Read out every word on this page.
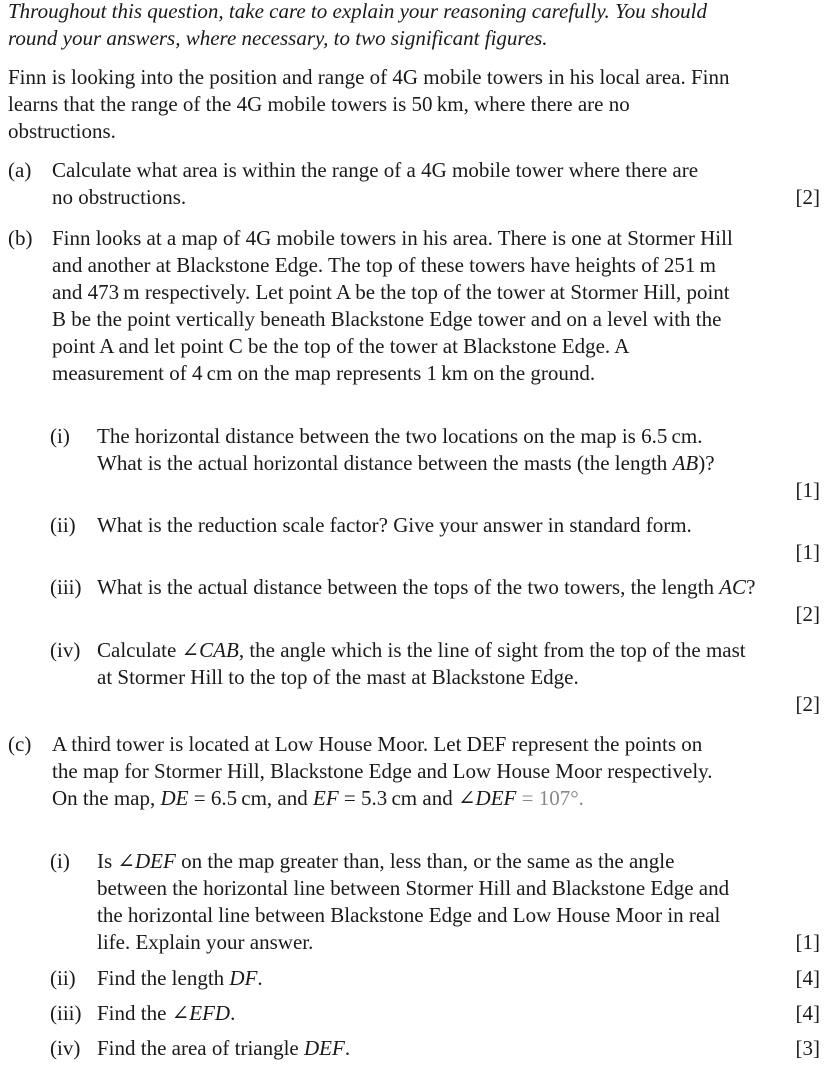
Throughout this question, take care to explain your reasoning carefully. You should round your answers, where necessary, to two significant figures.

Finn is looking into the position and range of 4G mobile towers in his local area. Finn learns that the range of the 4G mobile towers is 50 km, where there are no obstructions.

(a) Calculate what area is within the range of a 4G mobile tower where there are no obstructions.	[2]
(b) Finn looks at a map of 4G mobile towers in his area. There is one at Stormer Hill and another at Blackstone Edge. The top of these towers have heights of 251 m and 473 m respectively. Let point A be the top of the tower at Stormer Hill, point B be the point vertically beneath Blackstone Edge tower and on a level with the point A and let point C be the top of the tower at Blackstone Edge. A measurement of 4 cm on the map represents 1 km on the ground.
(i) The horizontal distance between the two locations on the map is 6.5 cm. What is the actual horizontal distance between the masts (the length AB)?
[1]
(ii) What is the reduction scale factor? Give your answer in standard form.
[1]
(iii) What is the actual distance between the tops of the two towers, the length AC?
[2]
(iv) Calculate ∠CAB, the angle which is the line of sight from the top of the mast at Stormer Hill to the top of the mast at Blackstone Edge.
[2]
(c) A third tower is located at Low House Moor. Let DEF represent the points on the map for Stormer Hill, Blackstone Edge and Low House Moor respectively. On the map, DE = 6.5 cm, and EF = 5.3 cm and ∠DEF = 107°.
(i) Is ∠DEF on the map greater than, less than, or the same as the angle between the horizontal line between Stormer Hill and Blackstone Edge and the horizontal line between Blackstone Edge and Low House Moor in real life. Explain your answer.	[1]
(ii) Find the length DF.	[4]
(iii) Find the ∠EFD.	[4]
(iv) Find the area of triangle DEF.	[3]
